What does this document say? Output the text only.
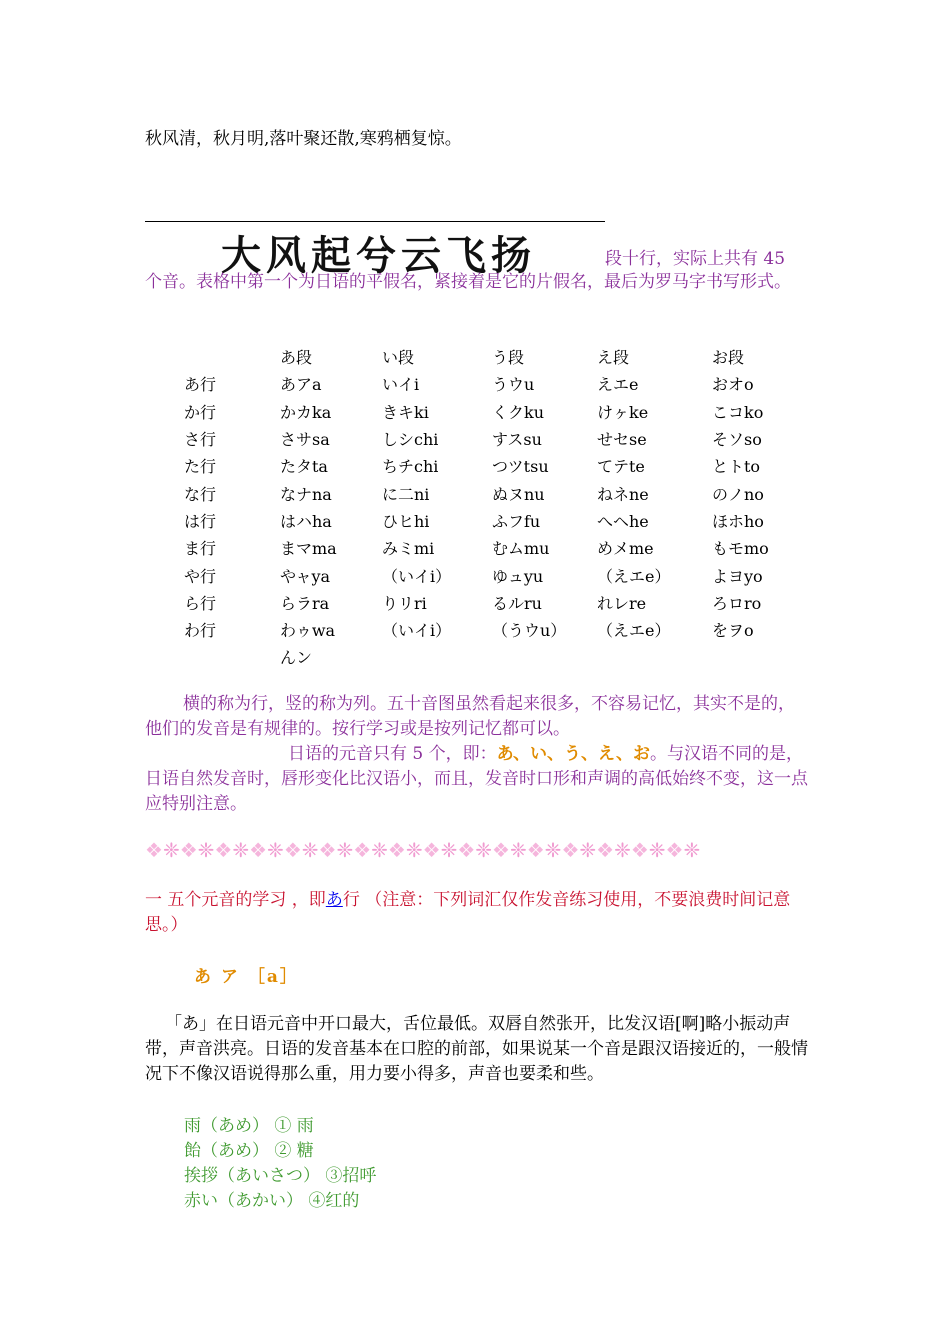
秋风清，秋月明,落叶聚还散,寒鸦栖复惊。
大风起兮云飞扬	段十行，实际上共有 45
个音。表格中第一个为日语的平假名，紧接着是它的片假名，最后为罗马字书写形式。
	あ段	い段	う段	え段	お段
あ行	あアa	いイi	うウu	えエe	おオo
か行	かカka	きキki	くクku	けヶke	こコko
さ行	さサsa	しシchi	すスsu	せセse	そソso
た行	たタta	ちチchi	つツtsu	てテte	とトto
な行	なナna	に二ni	ぬヌnu	ねネne	のノno
は行	はハha	ひヒhi	ふフfu	へヘhe	ほホho
ま行	まマma	みミmi	むムmu	めメme	もモmo
や行	やャya	（いイi）	ゆュyu	（えエe）	よヨyo
ら行	らラra	りリri	るルru	れレre	ろロro
わ行	わゥwa	（いイi）	（うウu）	（えエe）	をヲo
	んン				
横的称为行，竖的称为列。五十音图虽然看起来很多，不容易记忆，其实不是的，他们的发音是有规律的。按行学习或是按列记忆都可以。
日语的元音只有 5 个，即：あ、い、う、え、お。与汉语不同的是，日语自然发音时，唇形变化比汉语小，而且，发音时口形和声调的高低始终不变，这一点应特别注意。
❖❈❖❈❖❈❖❈❖❈❖❈❖❈❖❈❖❈❖❈❖❈❖❈❖❈❖❈❖❈❖❈
一 五个元音的学习 ，即あ行 （注意：下列词汇仅作发音练习使用，不要浪费时间记意思。）
あ ア ［a］
「あ」在日语元音中开口最大，舌位最低。双唇自然张开，比发汉语[啊]略小振动声带，声音洪亮。日语的发音基本在口腔的前部，如果说某一个音是跟汉语接近的，一般情况下不像汉语说得那么重，用力要小得多，声音也要柔和些。
雨（あめ） ① 雨
飴（あめ） ② 糖
挨拶（あいさつ） ③招呼
赤い（あかい） ④红的
